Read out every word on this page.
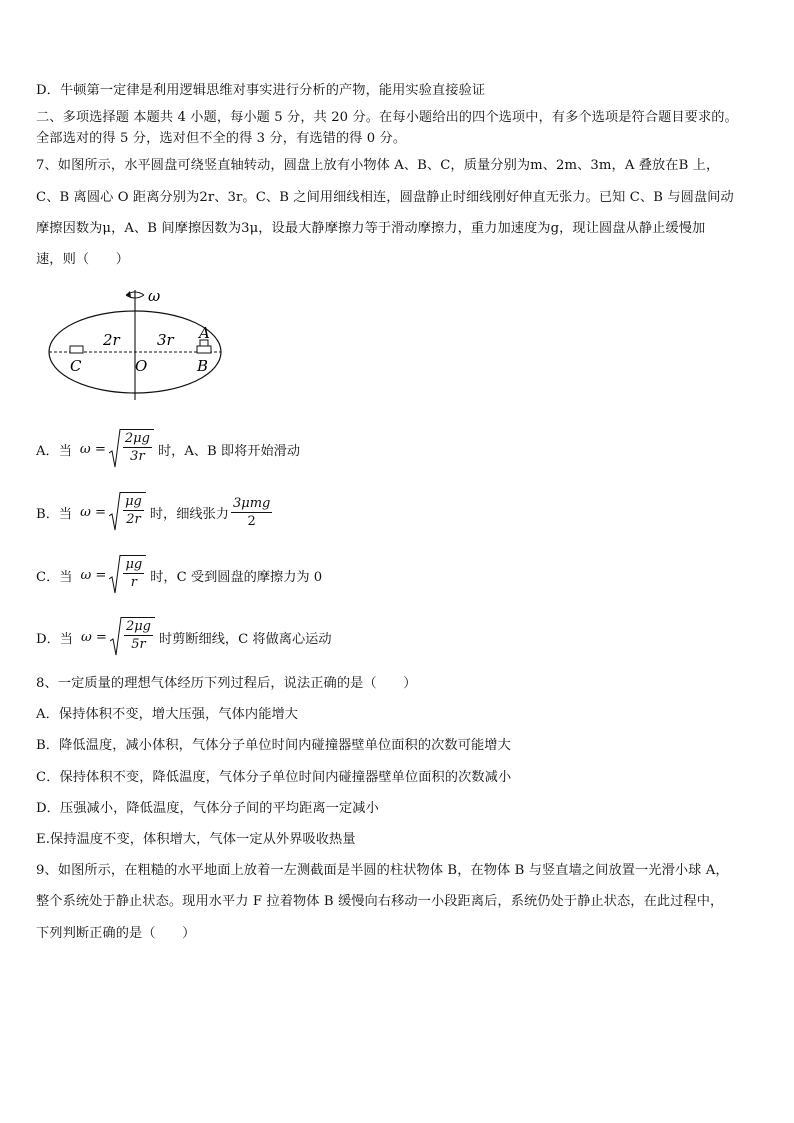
D．牛顿第一定律是利用逻辑思维对事实进行分析的产物，能用实验直接验证
二、多项选择题 本题共 4 小题，每小题 5 分，共 20 分。在每小题给出的四个选项中，有多个选项是符合题目要求的。
全部选对的得 5 分，选对但不全的得 3 分，有选错的得 0 分。
7、如图所示，水平圆盘可绕竖直轴转动，圆盘上放有小物体 A、B、C，质量分别为m、2m、3m，A 叠放在B 上，
C、B 离圆心 O 距离分别为2r、3r。C、B 之间用细线相连，圆盘静止时细线刚好伸直无张力。已知 C、B 与圆盘间动
摩擦因数为μ，A、B 间摩擦因数为3μ，设最大静摩擦力等于滑动摩擦力，重力加速度为g，现让圆盘从静止缓慢加
速，则（　　）
ω
2r 3r A
C	O	B
A．当 $\omega = \frac{2\mu g}{3r}$ 时，A、B 即将开始滑动
B．当 $\omega = \frac{\mu g}{2r}$ 时，细线张力 $\frac{\text{3μmg}}{2}$
C．当 $\omega = \frac{\mu g}{r}$ 时，C 受到圆盘的摩擦力为 0
D．当 $\omega = \frac{2\mu g}{5r}$ 时剪断细线，C 将做离心运动
8、一定质量的理想气体经历下列过程后，说法正确的是（　　）
A．保持体积不变，增大压强，气体内能增大
B．降低温度，减小体积，气体分子单位时间内碰撞器壁单位面积的次数可能增大
C．保持体积不变，降低温度，气体分子单位时间内碰撞器壁单位面积的次数减小
D．压强减小，降低温度，气体分子间的平均距离一定减小
E.保持温度不变，体积增大，气体一定从外界吸收热量
9、如图所示，在粗糙的水平地面上放着一左测截面是半圆的柱状物体 B，在物体 B 与竖直墙之间放置一光滑小球 A，
整个系统处于静止状态。现用水平力 F 拉着物体 B 缓慢向右移动一小段距离后，系统仍处于静止状态，在此过程中，
下列判断正确的是（　　）
